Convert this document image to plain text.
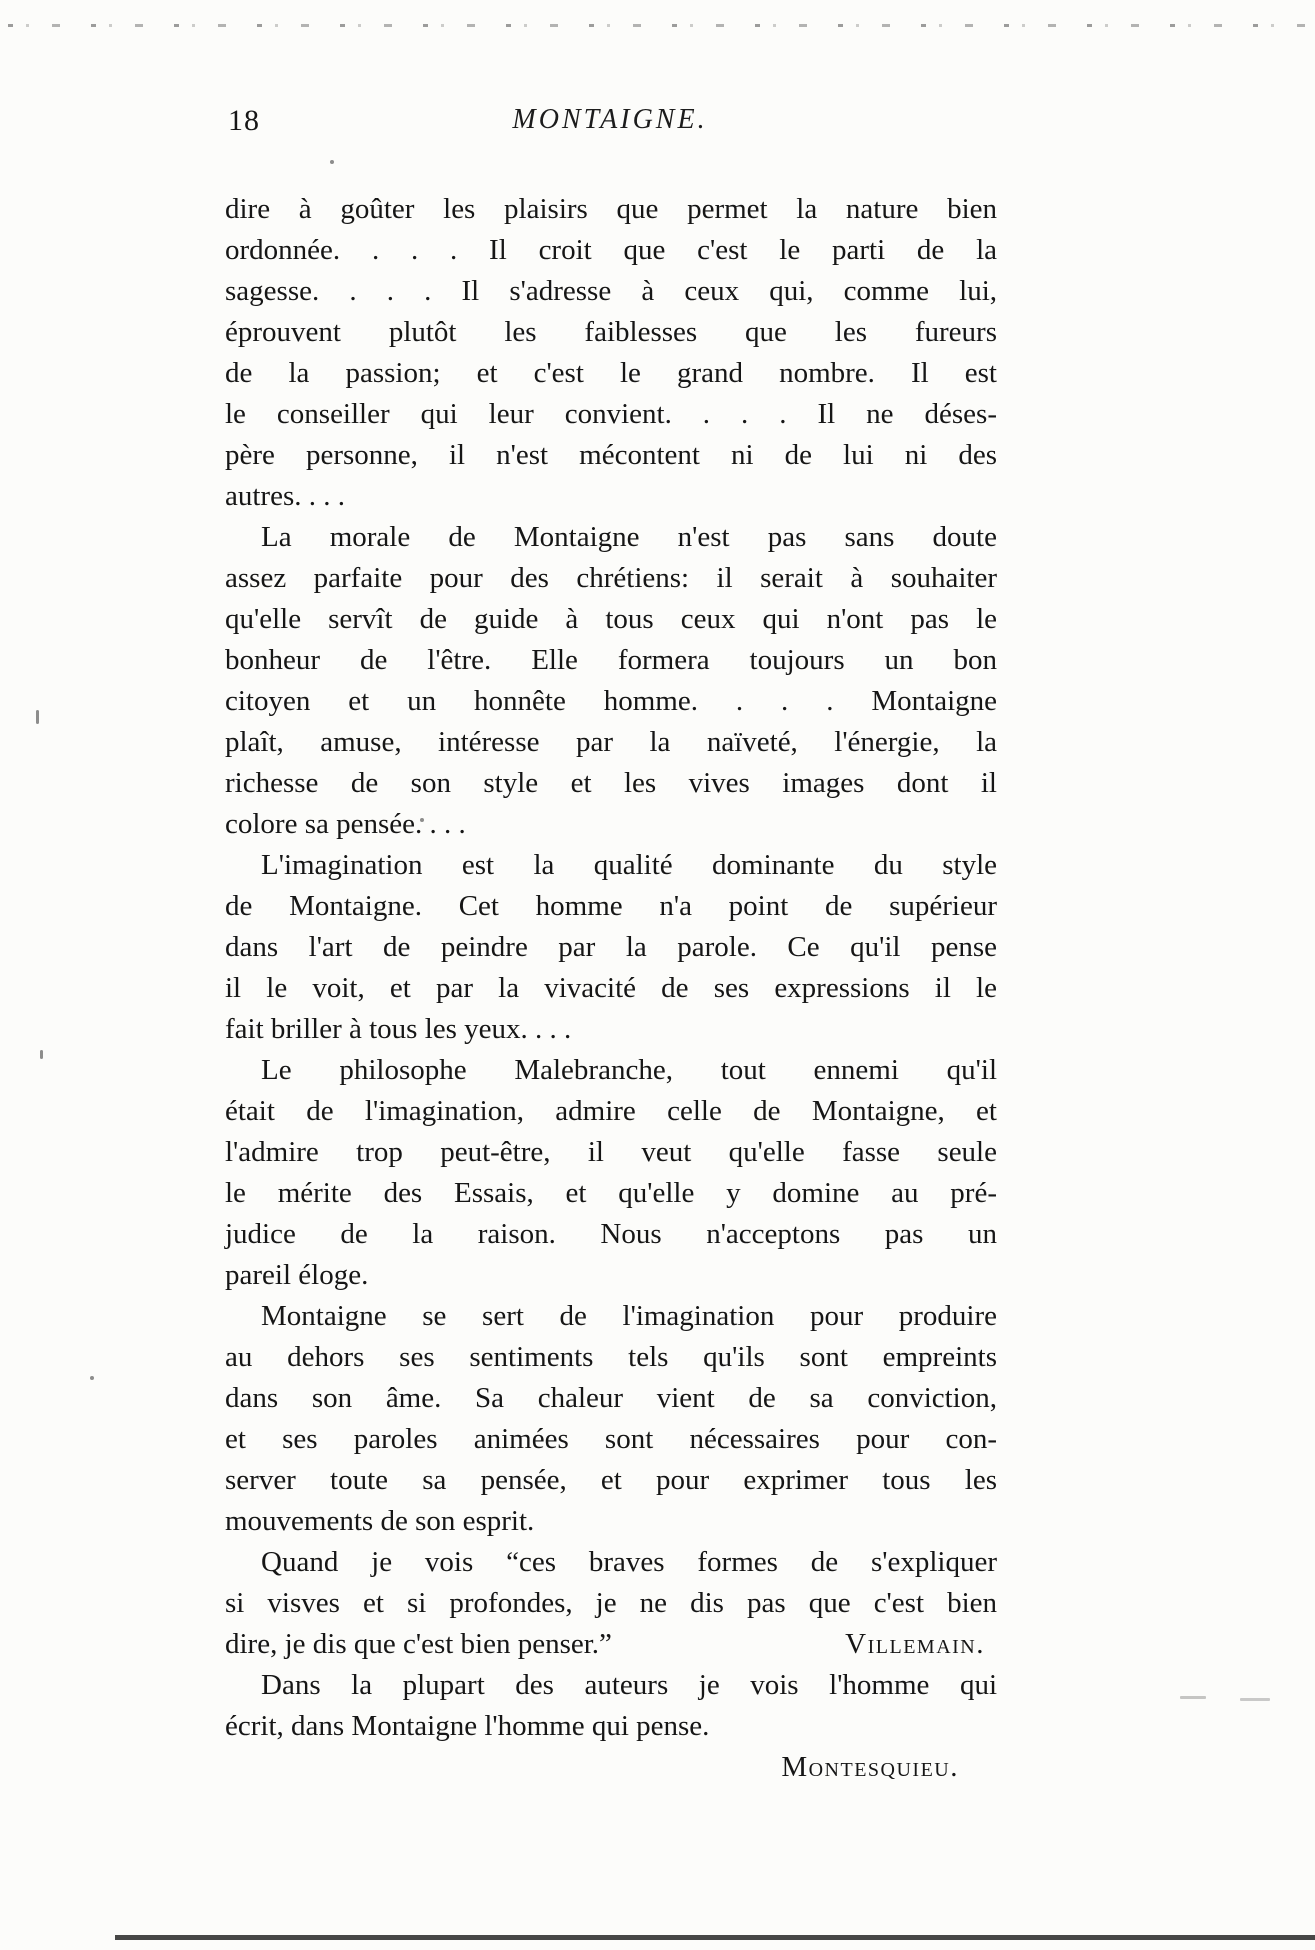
18	MONTAIGNE.
dire à goûter les plaisirs que permet la nature bien
ordonnée. . . . Il croit que c'est le parti de la
sagesse. . . . Il s'adresse à ceux qui, comme lui,
éprouvent plutôt les faiblesses que les fureurs
de la passion; et c'est le grand nombre. Il est
le conseiller qui leur convient. . . . Il ne déses-
père personne, il n'est mécontent ni de lui ni des
autres. . . .
La morale de Montaigne n'est pas sans doute
assez parfaite pour des chrétiens: il serait à souhaiter
qu'elle servît de guide à tous ceux qui n'ont pas le
bonheur de l'être. Elle formera toujours un bon
citoyen et un honnête homme. . . . Montaigne
plaît, amuse, intéresse par la naïveté, l'énergie, la
richesse de son style et les vives images dont il
colore sa pensée. . . .
L'imagination est la qualité dominante du style
de Montaigne. Cet homme n'a point de supérieur
dans l'art de peindre par la parole. Ce qu'il pense
il le voit, et par la vivacité de ses expressions il le
fait briller à tous les yeux. . . .
Le philosophe Malebranche, tout ennemi qu'il
était de l'imagination, admire celle de Montaigne, et
l'admire trop peut-être, il veut qu'elle fasse seule
le mérite des Essais, et qu'elle y domine au pré-
judice de la raison. Nous n'acceptons pas un
pareil éloge.
Montaigne se sert de l'imagination pour produire
au dehors ses sentiments tels qu'ils sont empreints
dans son âme. Sa chaleur vient de sa conviction,
et ses paroles animées sont nécessaires pour con-
server toute sa pensée, et pour exprimer tous les
mouvements de son esprit.
Quand je vois “ces braves formes de s'expliquer
si visves et si profondes, je ne dis pas que c'est bien
dire, je dis que c'est bien penser.”	Villemain.
Dans la plupart des auteurs je vois l'homme qui
écrit, dans Montaigne l'homme qui pense.
Montesquieu.
